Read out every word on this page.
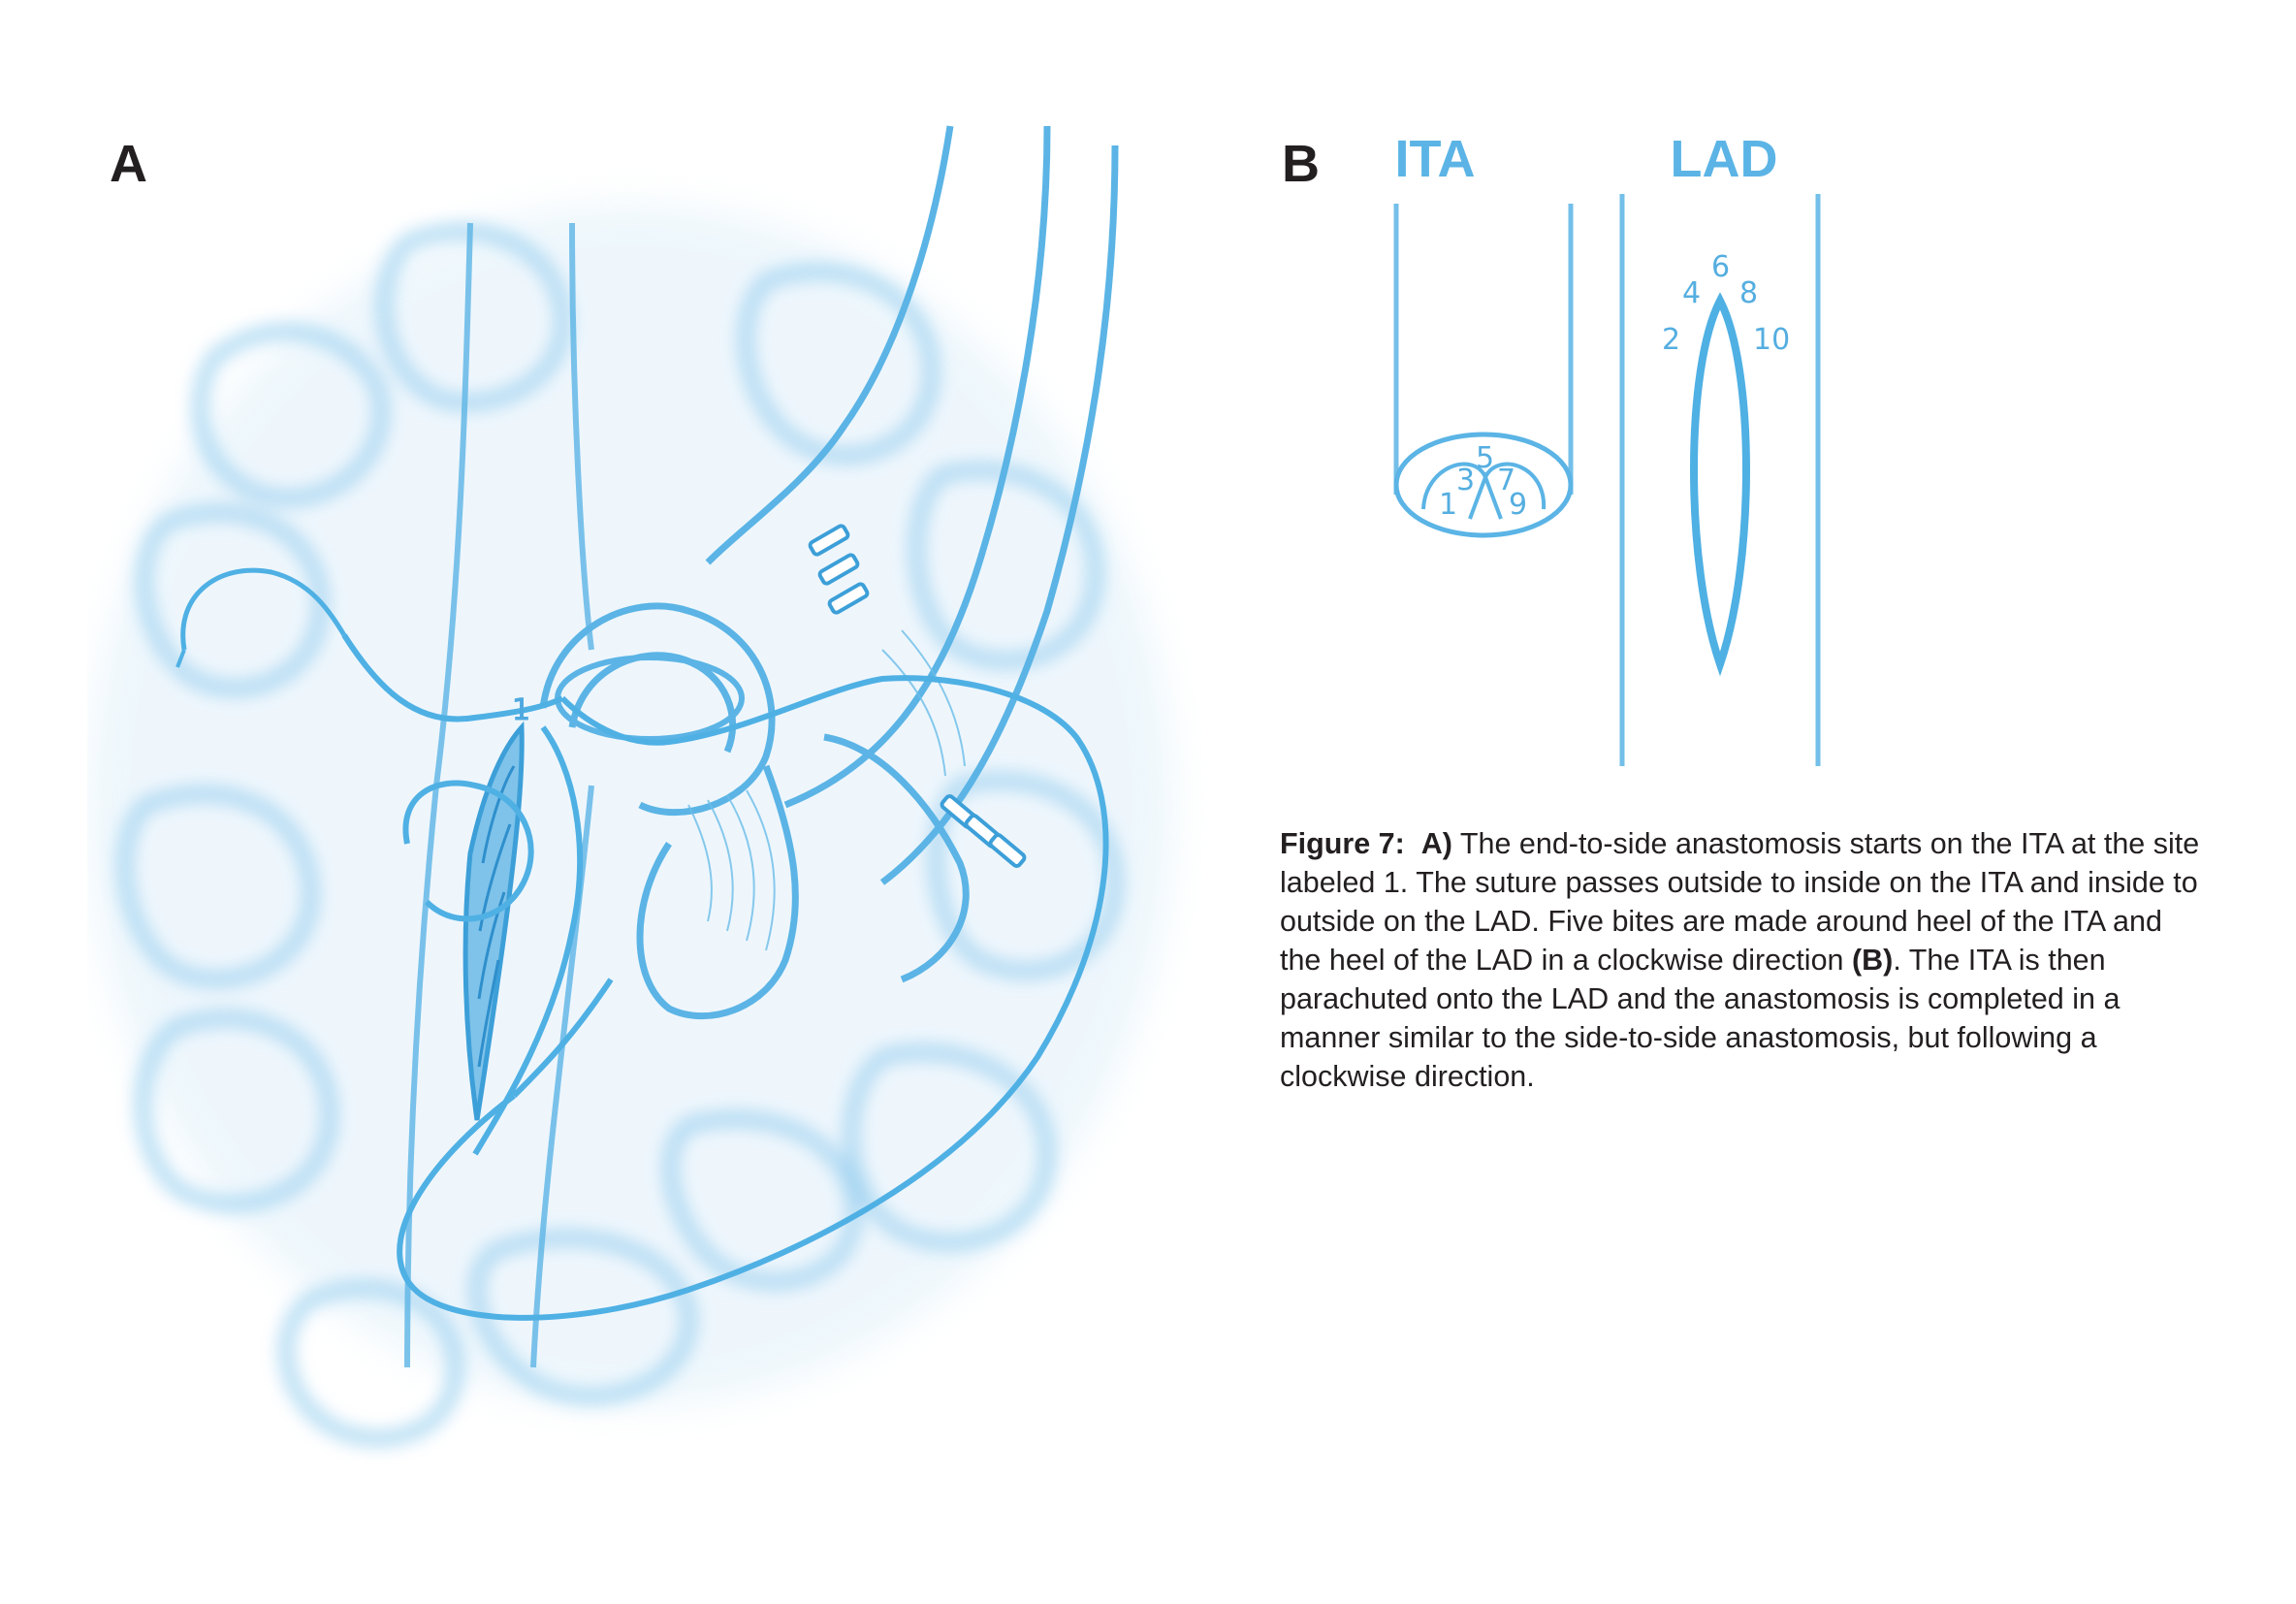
A	B
1
ITA
1
3
5
7
9
LAD
2
4
6
8
10
Figure 7: A) The end-to-side anastomosis starts on the ITA at the site labeled 1. The suture passes outside to inside on the ITA and inside to outside on the LAD. Five bites are made around heel of the ITA and the heel of the LAD in a clockwise direction (B). The ITA is then parachuted onto the LAD and the anastomosis is completed in a manner similar to the side-to-side anastomosis, but following a clockwise direction.
